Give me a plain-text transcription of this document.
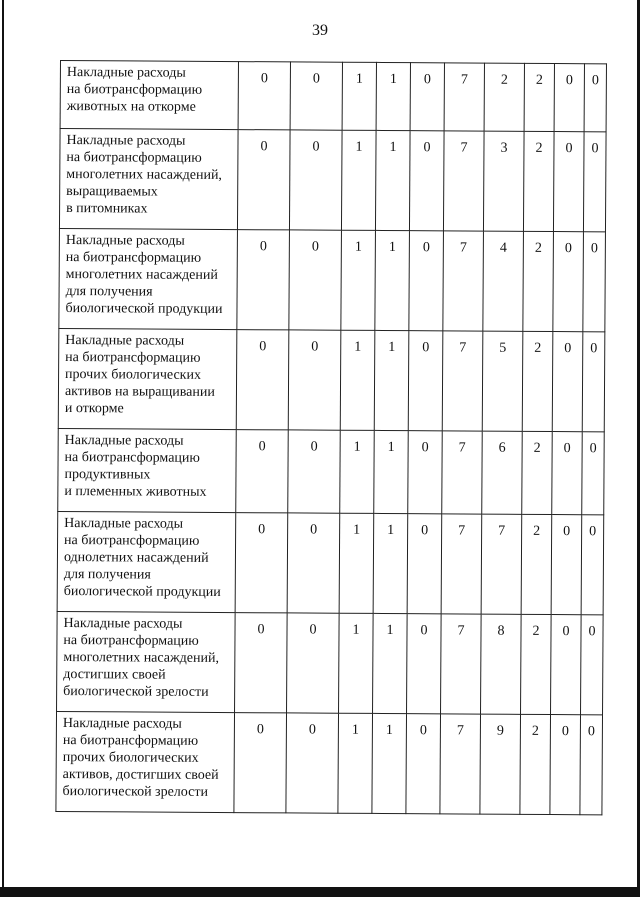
39
Накладные расходы
на биотрансформацию
животных на откорме	0	0	1	1	0	7	2	2	0	0

Накладные расходы
на биотрансформацию
многолетних насаждений,
выращиваемых
в питомниках	0	0	1	1	0	7	3	2	0	0

Накладные расходы
на биотрансформацию
многолетних насаждений
для получения
биологической продукции	0	0	1	1	0	7	4	2	0	0

Накладные расходы
на биотрансформацию
прочих биологических
активов на выращивании
и откорме	0	0	1	1	0	7	5	2	0	0

Накладные расходы
на биотрансформацию
продуктивных
и племенных животных	0	0	1	1	0	7	6	2	0	0

Накладные расходы
на биотрансформацию
однолетних насаждений
для получения
биологической продукции	0	0	1	1	0	7	7	2	0	0

Накладные расходы
на биотрансформацию
многолетних насаждений,
достигших своей
биологической зрелости	0	0	1	1	0	7	8	2	0	0

Накладные расходы
на биотрансформацию
прочих биологических
активов, достигших своей
биологической зрелости	0	0	1	1	0	7	9	2	0	0
